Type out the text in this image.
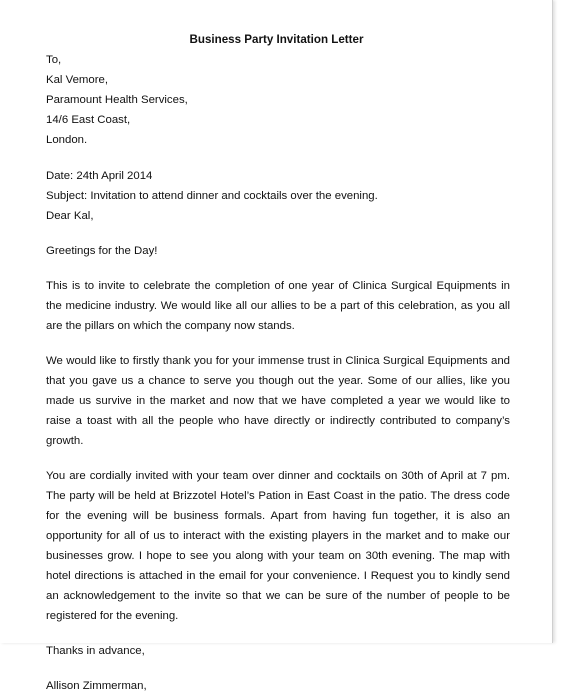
Business Party Invitation Letter
To,
Kal Vemore,
Paramount Health Services,
14/6 East Coast,
London.
Date: 24th April 2014
Subject: Invitation to attend dinner and cocktails over the evening.
Dear Kal,
Greetings for the Day!

This is to invite to celebrate the completion of one year of Clinica Surgical Equipments in the medicine industry. We would like all our allies to be a part of this celebration, as you all are the pillars on which the company now stands.

We would like to firstly thank you for your immense trust in Clinica Surgical Equipments and that you gave us a chance to serve you though out the year. Some of our allies, like you made us survive in the market and now that we have completed a year we would like to raise a toast with all the people who have directly or indirectly contributed to company’s growth.

You are cordially invited with your team over dinner and cocktails on 30th of April at 7 pm. The party will be held at Brizzotel Hotel’s Pation in East Coast in the patio. The dress code for the evening will be business formals. Apart from having fun together, it is also an opportunity for all of us to interact with the existing players in the market and to make our businesses grow. I hope to see you along with your team on 30th evening. The map with hotel directions is attached in the email for your convenience. I Request you to kindly send an acknowledgement to the invite so that we can be sure of the number of people to be registered for the evening.

Thanks in advance,
Allison Zimmerman,
